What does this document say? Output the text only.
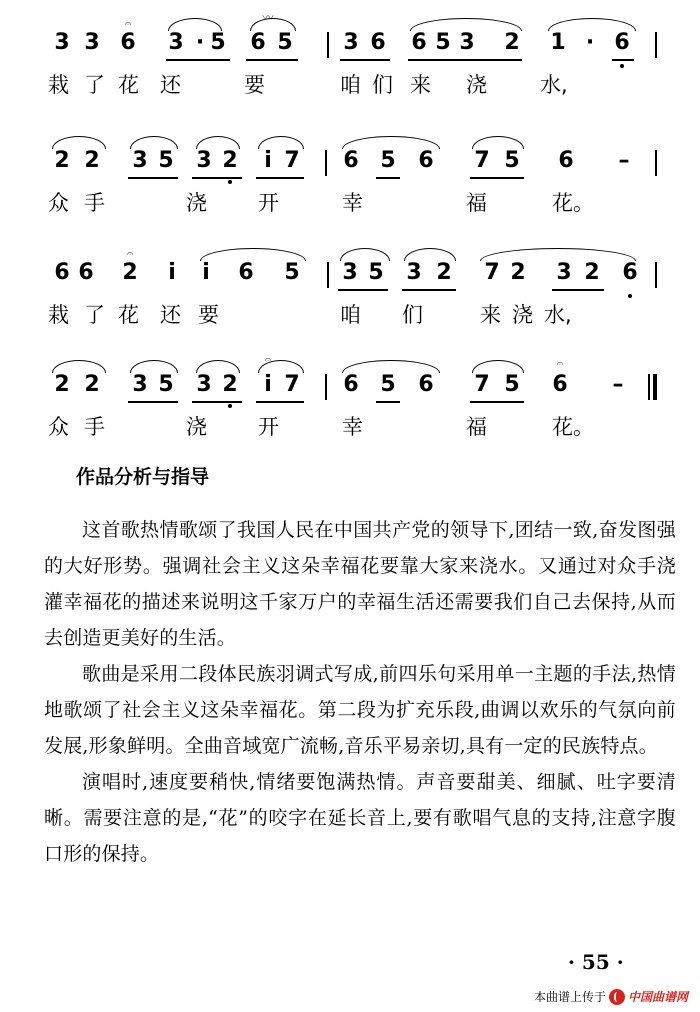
3 3 6 3 · 5 6 5 3 6 6 5 3 2 1 · 6
𝄐	〰
栽 了 花 还	要	咱 们 来 浇	水,
2 2 3 5 3 2	i 7 6 5 6 7 5 6	–
众 手	浇 开	幸	福	花。
6 6 2	i	i	6 5 3 5 3 2 7 2 3 2 6
𝄐
栽 了 花 还 要	咱 们	来 浇 水,
2 2 3 5 3 2	i 7 6 5 6 7 5 6	–
𝄐	𝄐
众 手	浇 开	幸	福	花。
作品分析与指导

这首歌热情歌颂了我国人民在中国共产党的领导下,团结一致,奋发图强的大好形势。强调社会主义这朵幸福花要靠大家来浇水。又通过对众手浇灌幸福花的描述来说明这千家万户的幸福生活还需要我们自己去保持,从而去创造更美好的生活。

歌曲是采用二段体民族羽调式写成,前四乐句采用单一主题的手法,热情地歌颂了社会主义这朵幸福花。第二段为扩充乐段,曲调以欢乐的气氛向前发展,形象鲜明。全曲音域宽广流畅,音乐平易亲切,具有一定的民族特点。

演唱时,速度要稍快,情绪要饱满热情。声音要甜美、细腻、吐字要清晰。需要注意的是,“花”的咬字在延长音上,要有歌唱气息的支持,注意字腹口形的保持。

· 55 ·
本曲谱上传于 中国曲谱网
